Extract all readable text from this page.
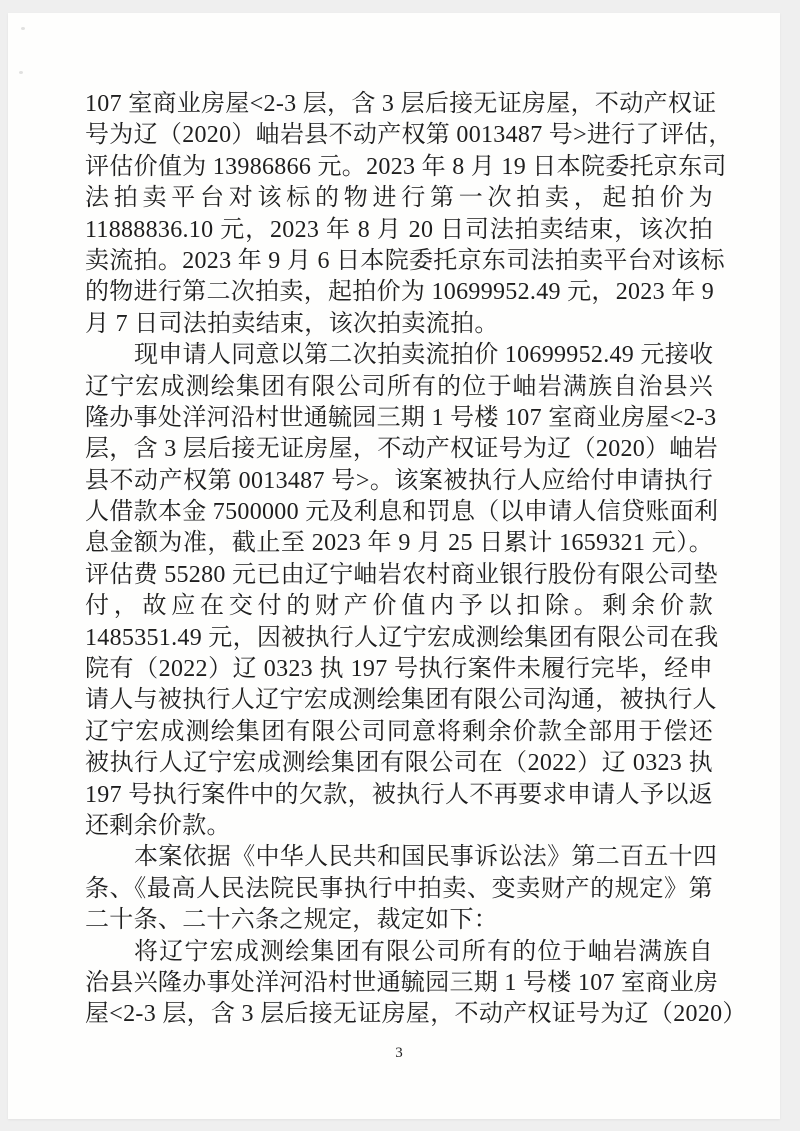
107 室商业房屋<2-3 层，含 3 层后接无证房屋，不动产权证
号为辽（2020）岫岩县不动产权第 0013487 号>进行了评估，
评估价值为 13986866 元。2023 年 8 月 19 日本院委托京东司
法拍卖平台对该标的物进行第一次拍卖，起拍价为
11888836.10 元，2023 年 8 月 20 日司法拍卖结束，该次拍
卖流拍。2023 年 9 月 6 日本院委托京东司法拍卖平台对该标
的物进行第二次拍卖，起拍价为 10699952.49 元，2023 年 9
月 7 日司法拍卖结束，该次拍卖流拍。
现申请人同意以第二次拍卖流拍价 10699952.49 元接收
辽宁宏成测绘集团有限公司所有的位于岫岩满族自治县兴
隆办事处洋河沿村世通毓园三期 1 号楼 107 室商业房屋<2-3
层，含 3 层后接无证房屋，不动产权证号为辽（2020）岫岩
县不动产权第 0013487 号>。该案被执行人应给付申请执行
人借款本金 7500000 元及利息和罚息（以申请人信贷账面利
息金额为准，截止至 2023 年 9 月 25 日累计 1659321 元）。
评估费 55280 元已由辽宁岫岩农村商业银行股份有限公司垫
付，故应在交付的财产价值内予以扣除。剩余价款
1485351.49 元，因被执行人辽宁宏成测绘集团有限公司在我
院有（2022）辽 0323 执 197 号执行案件未履行完毕，经申
请人与被执行人辽宁宏成测绘集团有限公司沟通，被执行人
辽宁宏成测绘集团有限公司同意将剩余价款全部用于偿还
被执行人辽宁宏成测绘集团有限公司在（2022）辽 0323 执
197 号执行案件中的欠款，被执行人不再要求申请人予以返
还剩余价款。
本案依据《中华人民共和国民事诉讼法》第二百五十四
条、《最高人民法院民事执行中拍卖、变卖财产的规定》第
二十条、二十六条之规定，裁定如下：
将辽宁宏成测绘集团有限公司所有的位于岫岩满族自
治县兴隆办事处洋河沿村世通毓园三期 1 号楼 107 室商业房
屋<2-3 层，含 3 层后接无证房屋，不动产权证号为辽（2020）
3
